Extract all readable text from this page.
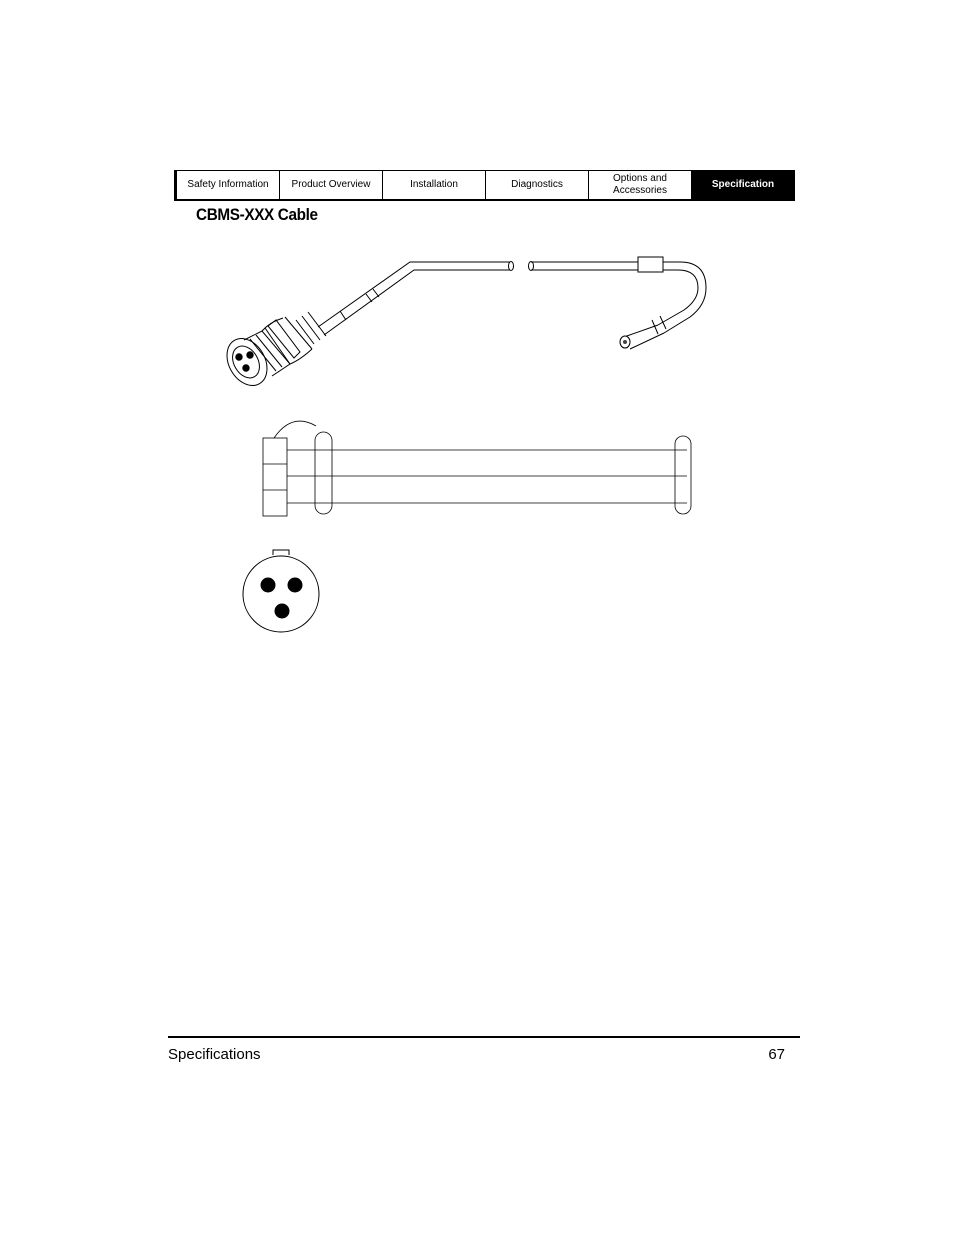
Safety Information	Product Overview	Installation	Diagnostics
Options and
Accessories
Specification
CBMS-XXX Cable
Specifications	67
